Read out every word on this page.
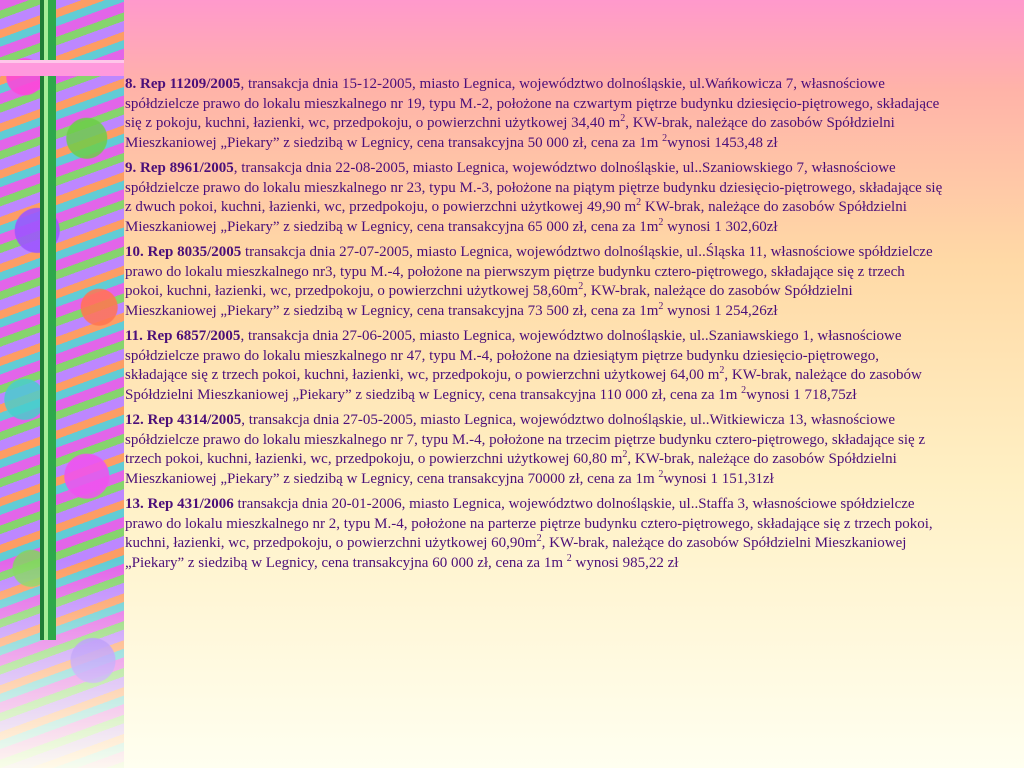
8. Rep 11209/2005, transakcja dnia 15-12-2005, miasto Legnica, województwo dolnośląskie, ul.Wańkowicza 7, własnościowe spółdzielcze prawo do lokalu mieszkalnego nr 19, typu M.-2, położone na czwartym piętrze budynku dziesięcio-piętrowego, składające się z pokoju, kuchni, łazienki, wc, przedpokoju, o powierzchni użytkowej 34,40 $m^2$, KW-brak, należące do zasobów Spółdzielni Mieszkaniowej „Piekary” z siedzibą w Legnicy, cena transakcyjna 50 000 zł, cena za 1m $^2$wynosi 1453,48 zł

9. Rep 8961/2005, transakcja dnia 22-08-2005, miasto Legnica, województwo dolnośląskie, ul..Szaniowskiego 7, własnościowe spółdzielcze prawo do lokalu mieszkalnego nr 23, typu M.-3, położone na piątym piętrze budynku dziesięcio-piętrowego, składające się z dwuch pokoi, kuchni, łazienki, wc, przedpokoju, o powierzchni użytkowej 49,90 $m^2$ KW-brak, należące do zasobów Spółdzielni Mieszkaniowej „Piekary” z siedzibą w Legnicy, cena transakcyjna 65 000 zł, cena za $1m^2$ wynosi 1 302,60zł

10. Rep 8035/2005 transakcja dnia 27-07-2005, miasto Legnica, województwo dolnośląskie, ul..Śląska 11, własnościowe spółdzielcze prawo do lokalu mieszkalnego nr3, typu M.-4, położone na pierwszym piętrze budynku cztero-piętrowego, składające się z trzech pokoi, kuchni, łazienki, wc, przedpokoju, o powierzchni użytkowej $58,60m^2$, KW-brak, należące do zasobów Spółdzielni Mieszkaniowej „Piekary” z siedzibą w Legnicy, cena transakcyjna 73 500 zł, cena za $1m^2$ wynosi 1 254,26zł

11. Rep 6857/2005, transakcja dnia 27-06-2005, miasto Legnica, województwo dolnośląskie, ul..Szaniawskiego 1, własnościowe spółdzielcze prawo do lokalu mieszkalnego nr 47, typu M.-4, położone na dziesiątym piętrze budynku dziesięcio-piętrowego, składające się z trzech pokoi, kuchni, łazienki, wc, przedpokoju, o powierzchni użytkowej 64,00 $m^2$, KW-brak, należące do zasobów Spółdzielni Mieszkaniowej „Piekary” z siedzibą w Legnicy, cena transakcyjna 110 000 zł, cena za 1m $^2$wynosi 1 718,75zł

12. Rep 4314/2005, transakcja dnia 27-05-2005, miasto Legnica, województwo dolnośląskie, ul..Witkiewicza 13, własnościowe spółdzielcze prawo do lokalu mieszkalnego nr 7, typu M.-4, położone na trzecim piętrze budynku cztero-piętrowego, składające się z trzech pokoi, kuchni, łazienki, wc, przedpokoju, o powierzchni użytkowej 60,80 $m^2$, KW-brak, należące do zasobów Spółdzielni Mieszkaniowej „Piekary” z siedzibą w Legnicy, cena transakcyjna 70000 zł, cena za 1m $^2$wynosi 1 151,31zł

13. Rep 431/2006 transakcja dnia 20-01-2006, miasto Legnica, województwo dolnośląskie, ul..Staffa 3, własnościowe spółdzielcze prawo do lokalu mieszkalnego nr 2, typu M.-4, położone na parterze piętrze budynku cztero-piętrowego, składające się z trzech pokoi, kuchni, łazienki, wc, przedpokoju, o powierzchni użytkowej $60,90m^2$, KW-brak, należące do zasobów Spółdzielni Mieszkaniowej „Piekary” z siedzibą w Legnicy, cena transakcyjna 60 000 zł, cena za 1m $^2$ wynosi 985,22 zł
